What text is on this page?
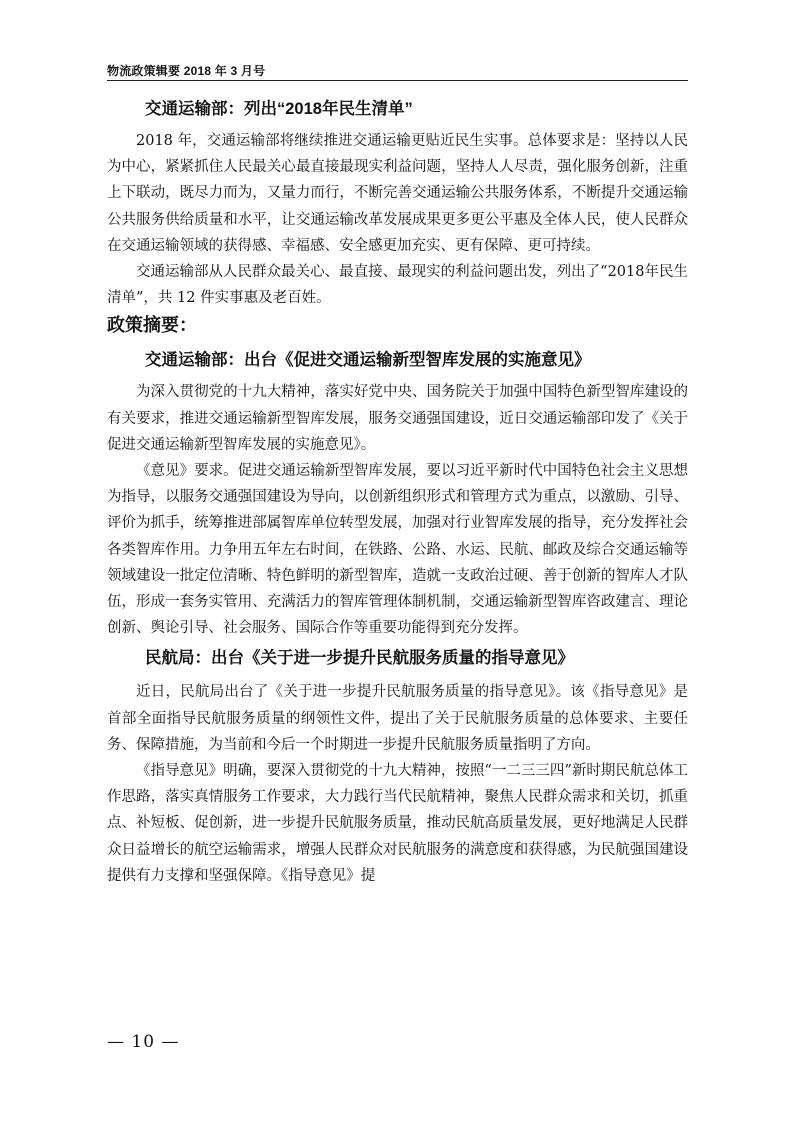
物流政策辑要 2018 年 3 月号
交通运输部：列出“2018年民生清单”

2018 年，交通运输部将继续推进交通运输更贴近民生实事。总体要求是：坚持以人民为中心，紧紧抓住人民最关心最直接最现实利益问题，坚持人人尽责，强化服务创新，注重上下联动，既尽力而为，又量力而行，不断完善交通运输公共服务体系，不断提升交通运输公共服务供给质量和水平，让交通运输改革发展成果更多更公平惠及全体人民，使人民群众在交通运输领域的获得感、幸福感、安全感更加充实、更有保障、更可持续。

交通运输部从人民群众最关心、最直接、最现实的利益问题出发，列出了“2018年民生清单”，共 12 件实事惠及老百姓。

政策摘要：
交通运输部：出台《促进交通运输新型智库发展的实施意见》

为深入贯彻党的十九大精神，落实好党中央、国务院关于加强中国特色新型智库建设的有关要求，推进交通运输新型智库发展，服务交通强国建设，近日交通运输部印发了《关于促进交通运输新型智库发展的实施意见》。

《意见》要求。促进交通运输新型智库发展，要以习近平新时代中国特色社会主义思想为指导，以服务交通强国建设为导向，以创新组织形式和管理方式为重点，以激励、引导、评价为抓手，统筹推进部属智库单位转型发展，加强对行业智库发展的指导，充分发挥社会各类智库作用。力争用五年左右时间，在铁路、公路、水运、民航、邮政及综合交通运输等领域建设一批定位清晰、特色鲜明的新型智库，造就一支政治过硬、善于创新的智库人才队伍，形成一套务实管用、充满活力的智库管理体制机制，交通运输新型智库咨政建言、理论创新、舆论引导、社会服务、国际合作等重要功能得到充分发挥。

民航局：出台《关于进一步提升民航服务质量的指导意见》

近日，民航局出台了《关于进一步提升民航服务质量的指导意见》。该《指导意见》是首部全面指导民航服务质量的纲领性文件，提出了关于民航服务质量的总体要求、主要任务、保障措施，为当前和今后一个时期进一步提升民航服务质量指明了方向。

《指导意见》明确，要深入贯彻党的十九大精神，按照“一二三三四”新时期民航总体工作思路，落实真情服务工作要求，大力践行当代民航精神，聚焦人民群众需求和关切，抓重点、补短板、促创新，进一步提升民航服务质量，推动民航高质量发展，更好地满足人民群众日益增长的航空运输需求，增强人民群众对民航服务的满意度和获得感，为民航强国建设提供有力支撑和坚强保障。《指导意见》提

— 10 —
